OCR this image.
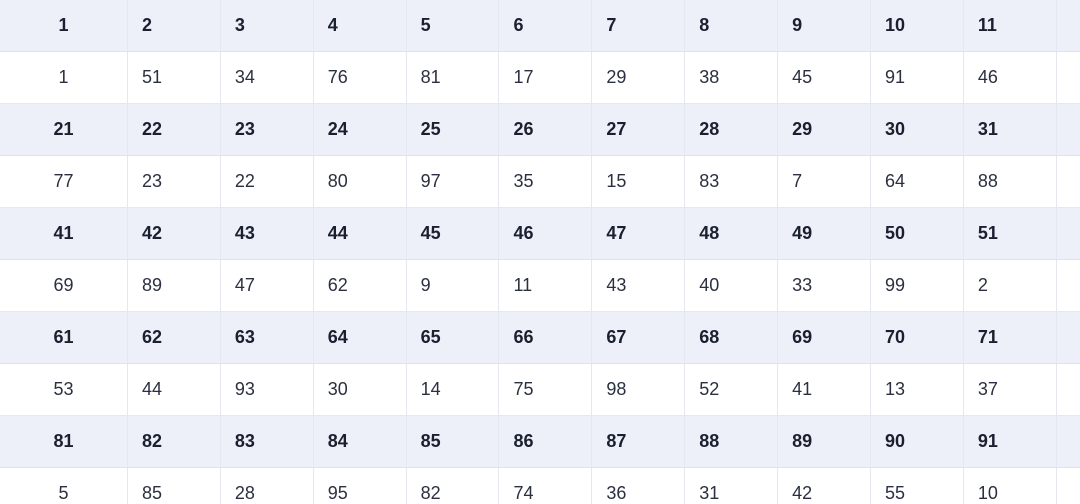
1	2	3	4	5	6	7	8	9	10	11	
1	51	34	76	81	17	29	38	45	91	46	
21	22	23	24	25	26	27	28	29	30	31	
77	23	22	80	97	35	15	83	7	64	88	
41	42	43	44	45	46	47	48	49	50	51	
69	89	47	62	9	11	43	40	33	99	2	
61	62	63	64	65	66	67	68	69	70	71	
53	44	93	30	14	75	98	52	41	13	37	
81	82	83	84	85	86	87	88	89	90	91	
5	85	28	95	82	74	36	31	42	55	10	
